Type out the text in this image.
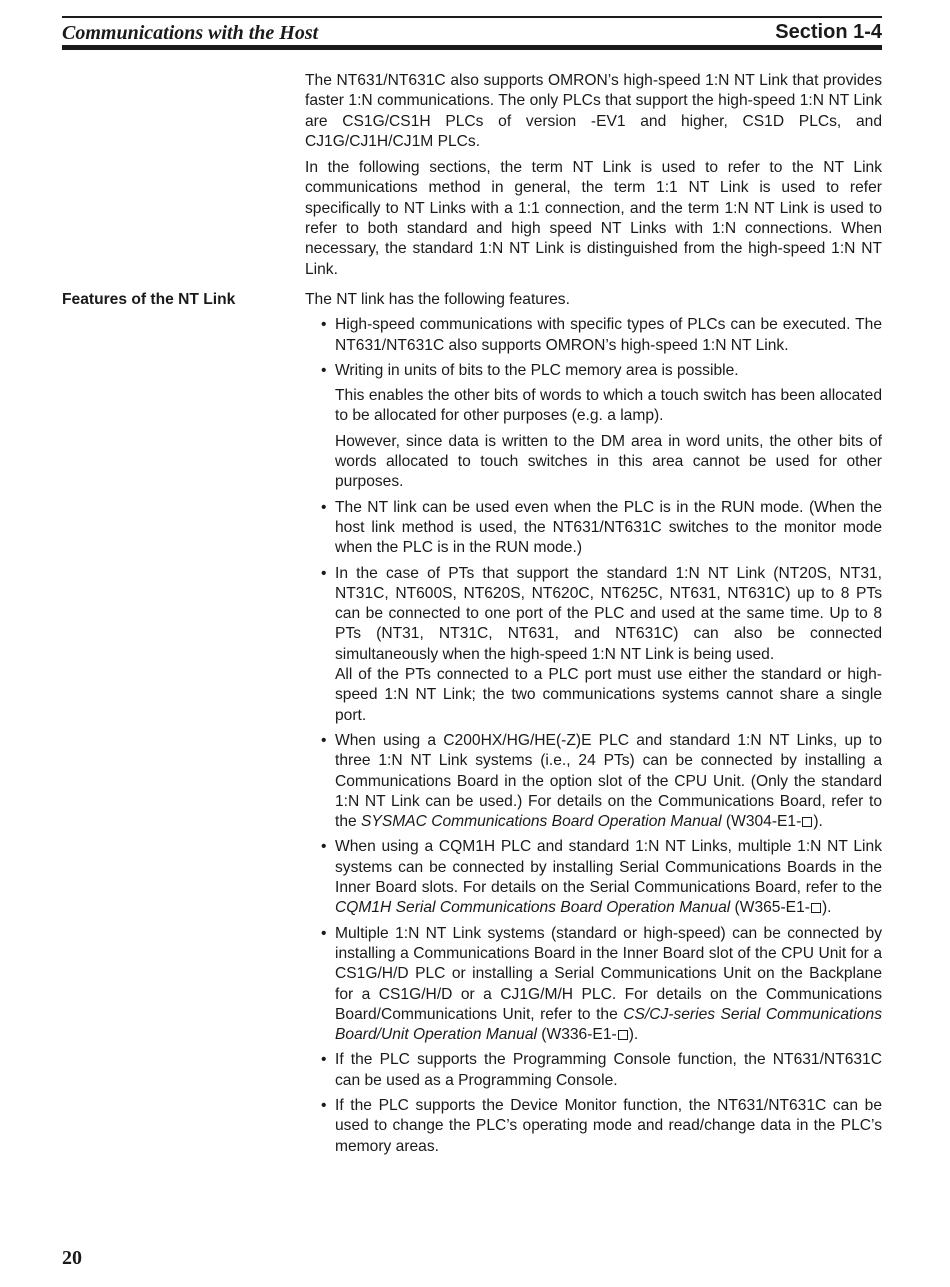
Communications with the Host	Section 1-4

The NT631/NT631C also supports OMRON’s high-speed 1:N NT Link that provides faster 1:N communications. The only PLCs that support the high-speed 1:N NT Link are CS1G/CS1H PLCs of version -EV1 and higher, CS1D PLCs, and CJ1G/CJ1H/CJ1M PLCs.

In the following sections, the term NT Link is used to refer to the NT Link communications method in general, the term 1:1 NT Link is used to refer specifically to NT Links with a 1:1 connection, and the term 1:N NT Link is used to refer to both standard and high speed NT Links with 1:N connections. When necessary, the standard 1:N NT Link is distinguished from the high-speed 1:N NT Link.

Features of the NT Link	The NT link has the following features.

• High-speed communications with specific types of PLCs can be executed. The NT631/NT631C also supports OMRON’s high-speed 1:N NT Link.
• Writing in units of bits to the PLC memory area is possible.
This enables the other bits of words to which a touch switch has been allocated to be allocated for other purposes (e.g. a lamp).
However, since data is written to the DM area in word units, the other bits of words allocated to touch switches in this area cannot be used for other purposes.
• The NT link can be used even when the PLC is in the RUN mode. (When the host link method is used, the NT631/NT631C switches to the monitor mode when the PLC is in the RUN mode.)
• In the case of PTs that support the standard 1:N NT Link (NT20S, NT31, NT31C, NT600S, NT620S, NT620C, NT625C, NT631, NT631C) up to 8 PTs can be connected to one port of the PLC and used at the same time. Up to 8 PTs (NT31, NT31C, NT631, and NT631C) can also be connected simultaneously when the high-speed 1:N NT Link is being used.
All of the PTs connected to a PLC port must use either the standard or high-speed 1:N NT Link; the two communications systems cannot share a single port.
• When using a C200HX/HG/HE(-Z)E PLC and standard 1:N NT Links, up to three 1:N NT Link systems (i.e., 24 PTs) can be connected by installing a Communications Board in the option slot of the CPU Unit. (Only the standard 1:N NT Link can be used.) For details on the Communications Board, refer to the SYSMAC Communications Board Operation Manual (W304-E1- ).
• When using a CQM1H PLC and standard 1:N NT Links, multiple 1:N NT Link systems can be connected by installing Serial Communications Boards in the Inner Board slots. For details on the Serial Communications Board, refer to the CQM1H Serial Communications Board Operation Manual (W365-E1- ).
• Multiple 1:N NT Link systems (standard or high-speed) can be connected by installing a Communications Board in the Inner Board slot of the CPU Unit for a CS1G/H/D PLC or installing a Serial Communications Unit on the Backplane for a CS1G/H/D or a CJ1G/M/H PLC. For details on the Communications Board/Communications Unit, refer to the CS/CJ-series Serial Communications Board/Unit Operation Manual (W336-E1- ).
• If the PLC supports the Programming Console function, the NT631/NT631C can be used as a Programming Console.
• If the PLC supports the Device Monitor function, the NT631/NT631C can be used to change the PLC’s operating mode and read/change data in the PLC’s memory areas.
20
